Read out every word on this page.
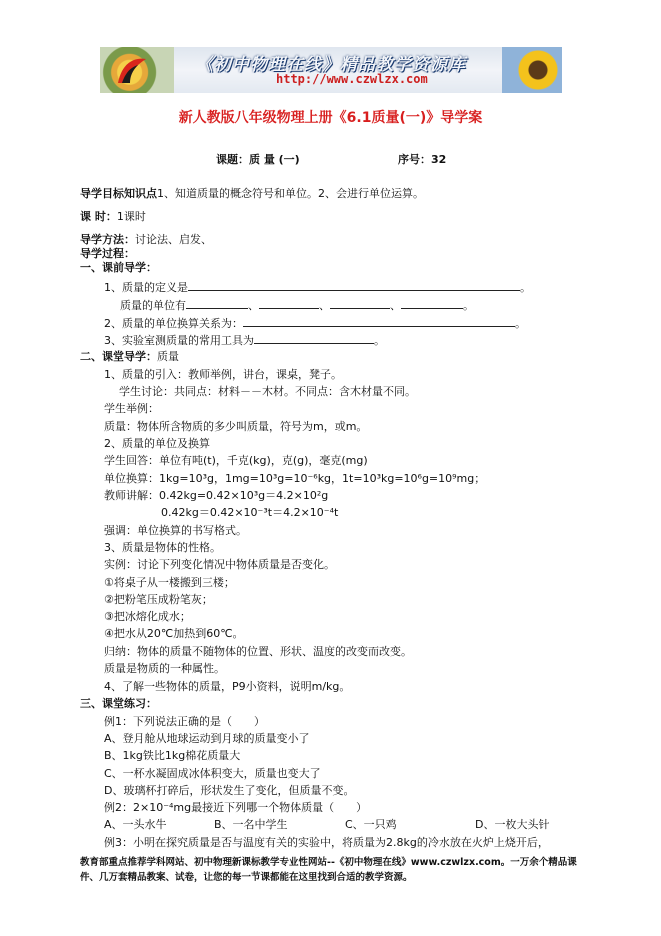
《初中物理在线》精品教学资源库
http://www.czwlzx.com
新人教版八年级物理上册《6.1质量(一)》导学案
课题：质 量 (一)	序号：32
导学目标知识点1、知道质量的概念符号和单位。2、会进行单位运算。
课 时：1课时
导学方法：讨论法、启发、
导学过程：
一、课前导学：
1、质量的定义是	。
质量的单位有	、	、	、	。
2、质量的单位换算关系为：	。
3、实验室测质量的常用工具为	。
二、课堂导学：质量
1、质量的引入：教师举例，讲台，课桌，凳子。
学生讨论：共同点：材料－－木材。不同点：含木材量不同。
学生举例：
质量：物体所含物质的多少叫质量，符号为m，或m。
2、质量的单位及换算
学生回答：单位有吨(t)，千克(kg)，克(g)，毫克(mg)
单位换算：1kg=10³g，1mg=10³g=10⁻⁶kg，1t=10³kg=10⁶g=10⁹mg；
教师讲解：0.42kg=0.42×10³g＝4.2×10²g
0.42kg＝0.42×10⁻³t＝4.2×10⁻⁴t
强调：单位换算的书写格式。
3、质量是物体的性格。
实例：讨论下列变化情况中物体质量是否变化。
①将桌子从一楼搬到三楼；
②把粉笔压成粉笔灰；
③把冰熔化成水；
④把水从20℃加热到60℃。
归纳：物体的质量不随物体的位置、形状、温度的改变而改变。
质量是物质的一种属性。
4、了解一些物体的质量，P9小资料，说明m/kg。
三、课堂练习：
例1：下列说法正确的是（　　）
A、登月舱从地球运动到月球的质量变小了
B、1kg铁比1kg棉花质量大
C、一杯水凝固成冰体积变大，质量也变大了
D、玻璃杯打碎后，形状发生了变化，但质量不变。
例2：2×10⁻⁴mg最接近下列哪一个物体质量（　　）
A、一头水牛	B、一名中学生	C、一只鸡	D、一枚大头针
例3：小明在探究质量是否与温度有关的实验中，将质量为2.8kg的冷水放在火炉上烧开后，
教育部重点推荐学科网站、初中物理新课标教学专业性网站--《初中物理在线》www.czwlzx.com。一万余个精品课
件、几万套精品教案、试卷，让您的每一节课都能在这里找到合适的教学资源。
